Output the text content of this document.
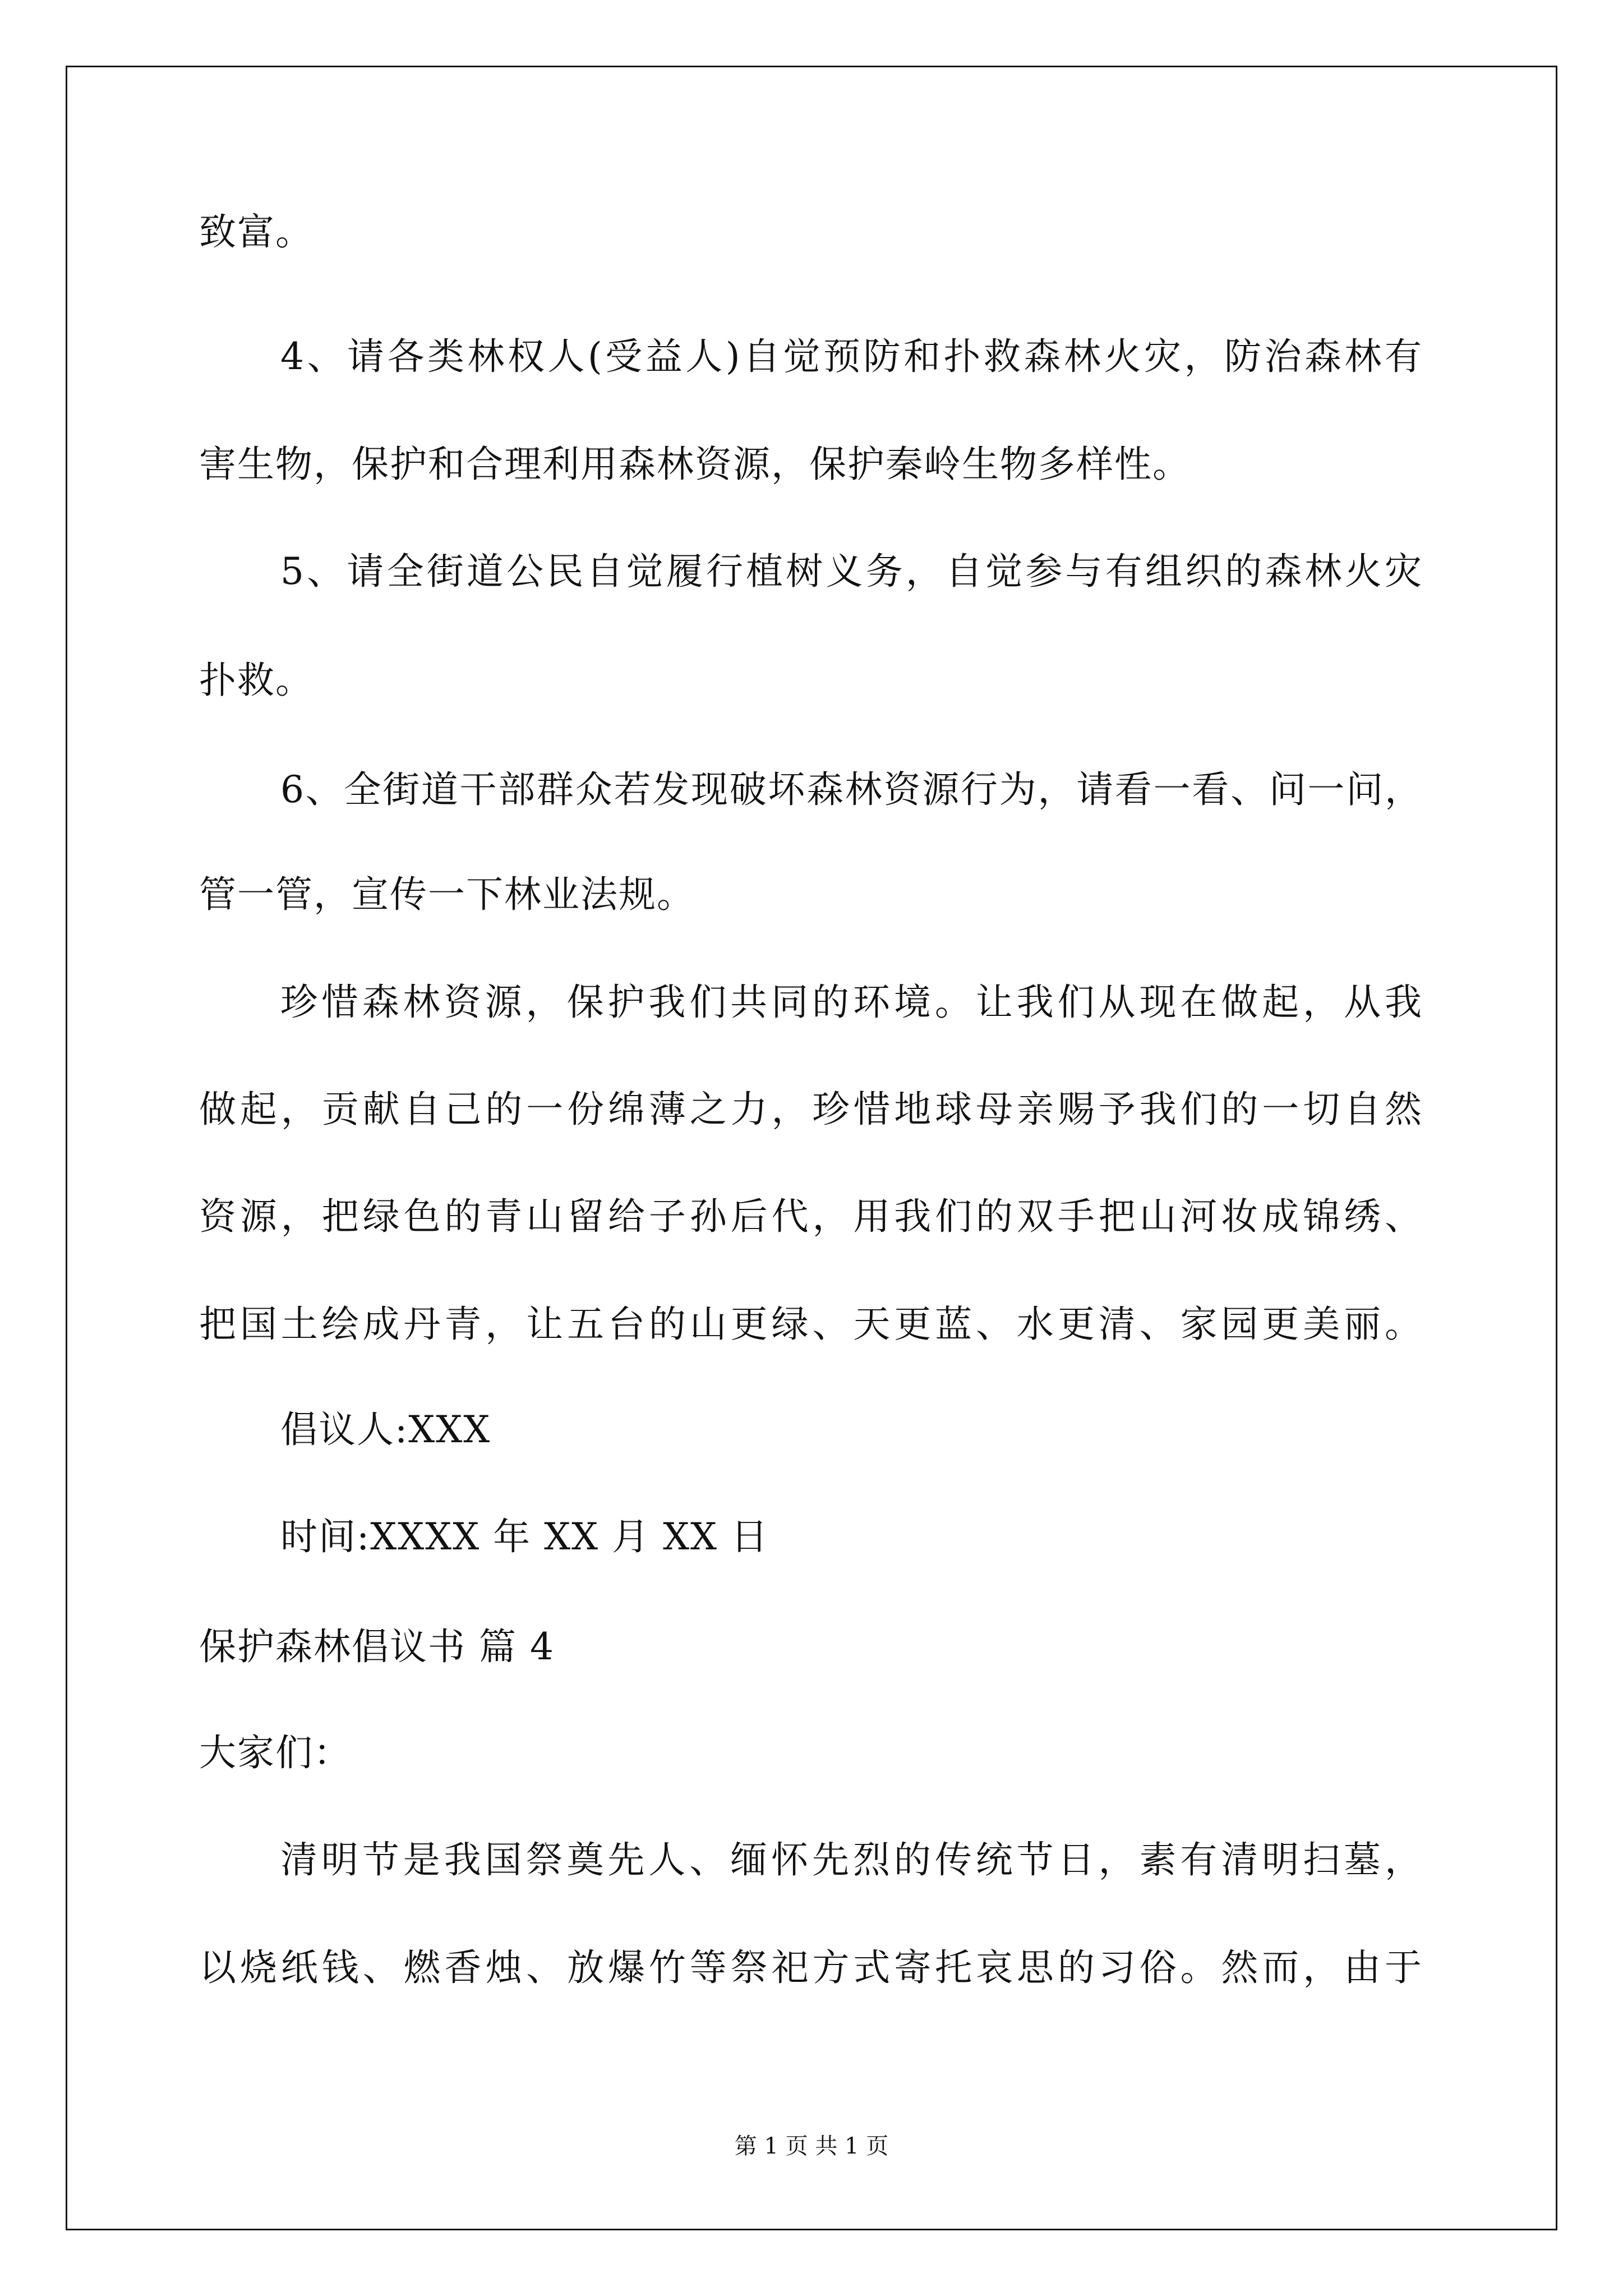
致富。
4、请各类林权人(受益人)自觉预防和扑救森林火灾，防治森林有
害生物，保护和合理利用森林资源，保护秦岭生物多样性。
5、请全街道公民自觉履行植树义务，自觉参与有组织的森林火灾
扑救。
6、全街道干部群众若发现破坏森林资源行为，请看一看、问一问，
管一管，宣传一下林业法规。
珍惜森林资源，保护我们共同的环境。让我们从现在做起，从我
做起，贡献自己的一份绵薄之力，珍惜地球母亲赐予我们的一切自然
资源，把绿色的青山留给子孙后代，用我们的双手把山河妆成锦绣、
把国土绘成丹青，让五台的山更绿、天更蓝、水更清、家园更美丽。
倡议人:XXX
时间:XXXX 年 XX 月 XX 日
保护森林倡议书 篇 4
大家们：
清明节是我国祭奠先人、缅怀先烈的传统节日，素有清明扫墓，
以烧纸钱、燃香烛、放爆竹等祭祀方式寄托哀思的习俗。然而，由于
第 1 页 共 1 页
